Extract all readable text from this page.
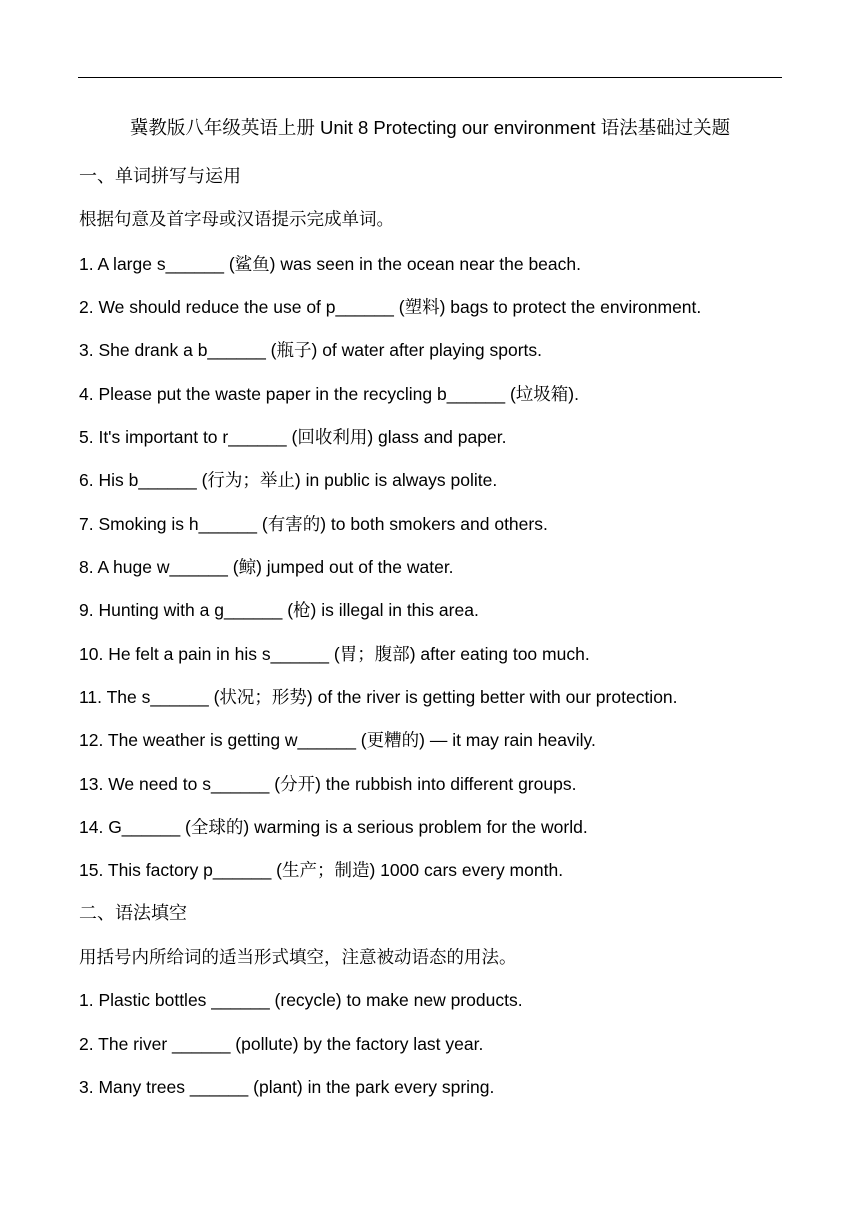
冀教版八年级英语上册 Unit 8 Protecting our environment 语法基础过关题
一、单词拼写与运用
根据句意及首字母或汉语提示完成单词。
1. A large s______ (鲨鱼) was seen in the ocean near the beach.
2. We should reduce the use of p______ (塑料) bags to protect the environment.
3. She drank a b______ (瓶子) of water after playing sports.
4. Please put the waste paper in the recycling b______ (垃圾箱).
5. It's important to r______ (回收利用) glass and paper.
6. His b______ (行为；举止) in public is always polite.
7. Smoking is h______ (有害的) to both smokers and others.
8. A huge w______ (鲸) jumped out of the water.
9. Hunting with a g______ (枪) is illegal in this area.
10. He felt a pain in his s______ (胃；腹部) after eating too much.
11. The s______ (状况；形势) of the river is getting better with our protection.
12. The weather is getting w______ (更糟的) — it may rain heavily.
13. We need to s______ (分开) the rubbish into different groups.
14. G______ (全球的) warming is a serious problem for the world.
15. This factory p______ (生产；制造) 1000 cars every month.
二、语法填空
用括号内所给词的适当形式填空，注意被动语态的用法。
1. Plastic bottles ______ (recycle) to make new products.
2. The river ______ (pollute) by the factory last year.
3. Many trees ______ (plant) in the park every spring.
